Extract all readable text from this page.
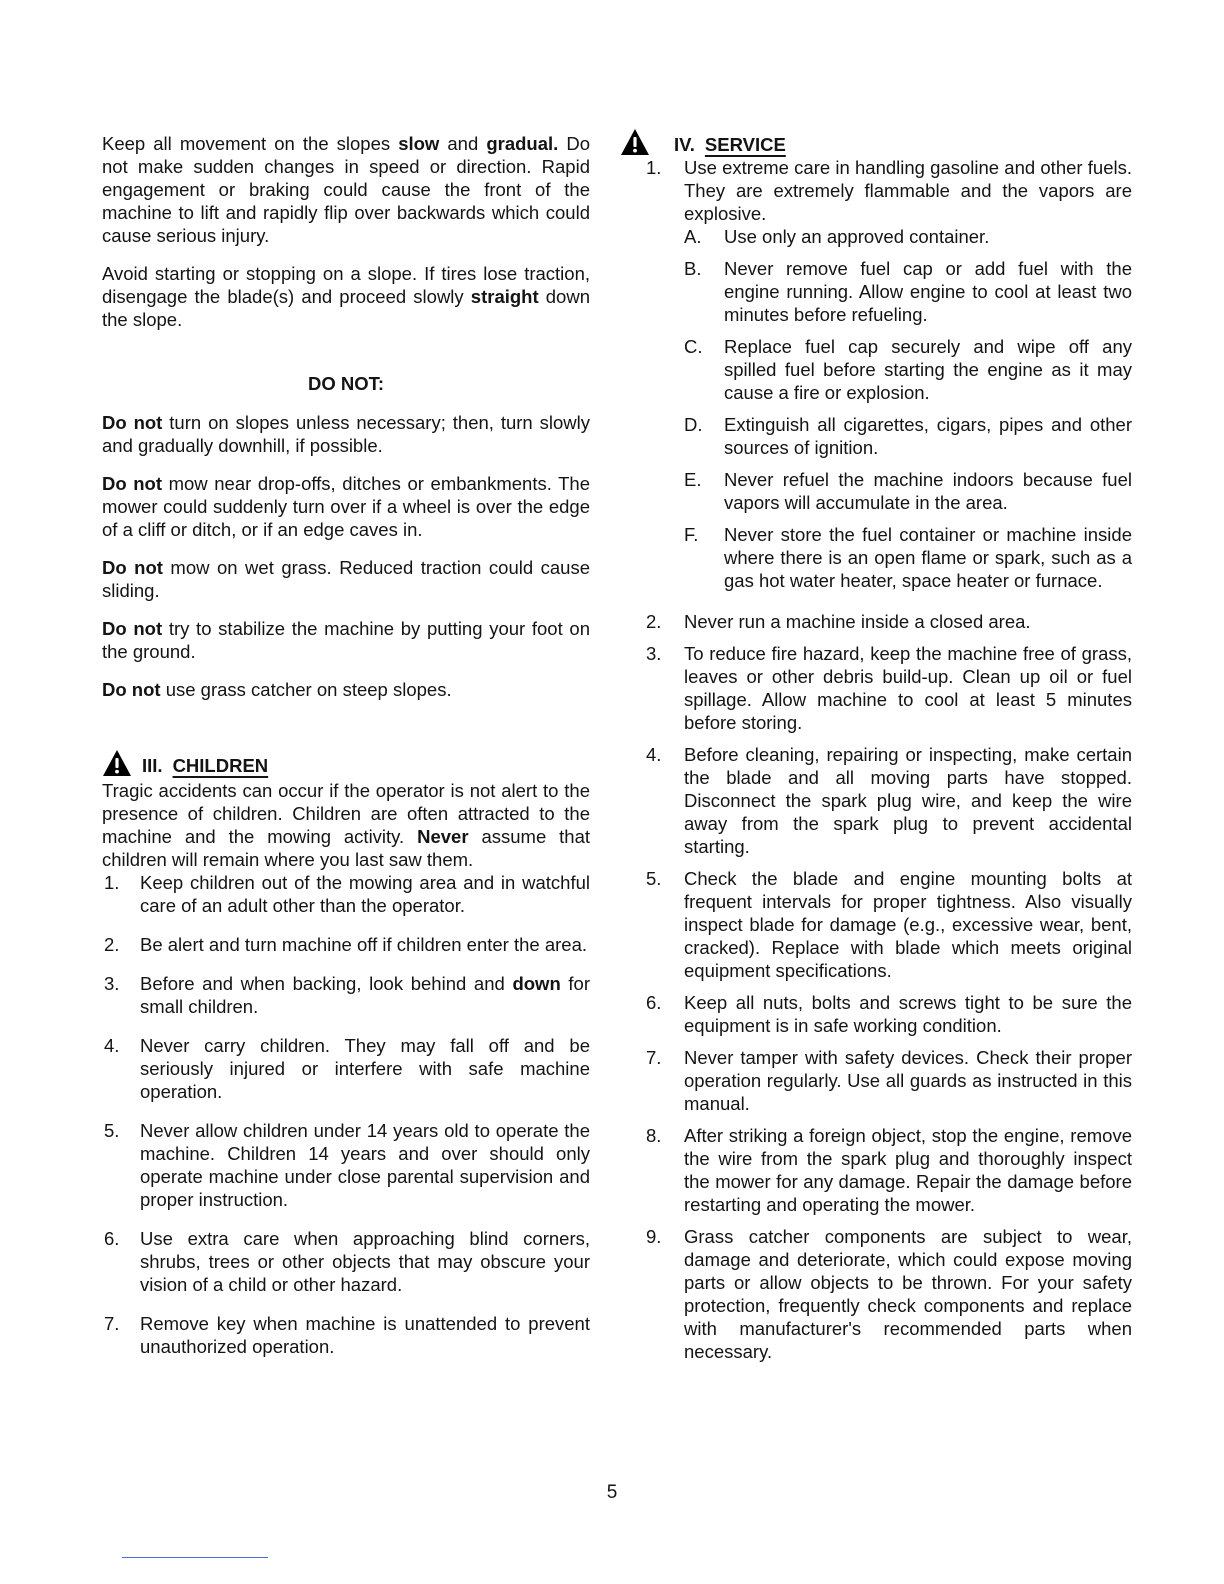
Keep all movement on the slopes slow and gradual. Do not make sudden changes in speed or direction. Rapid engagement or braking could cause the front of the machine to lift and rapidly flip over backwards which could cause serious injury.

Avoid starting or stopping on a slope. If tires lose traction, disengage the blade(s) and proceed slowly straight down the slope.

DO NOT:

Do not turn on slopes unless necessary; then, turn slowly and gradually downhill, if possible.

Do not mow near drop-offs, ditches or embankments. The mower could suddenly turn over if a wheel is over the edge of a cliff or ditch, or if an edge caves in.

Do not mow on wet grass. Reduced traction could cause sliding.

Do not try to stabilize the machine by putting your foot on the ground.

Do not use grass catcher on steep slopes.

III. CHILDREN

Tragic accidents can occur if the operator is not alert to the presence of children. Children are often attracted to the machine and the mowing activity. Never assume that children will remain where you last saw them.

1.	Keep children out of the mowing area and in watchful care of an adult other than the operator.
2.	Be alert and turn machine off if children enter the area.
3.	Before and when backing, look behind and down for small children.
4.	Never carry children. They may fall off and be seriously injured or interfere with safe machine operation.
5.	Never allow children under 14 years old to operate the machine. Children 14 years and over should only operate machine under close parental supervision and proper instruction.
6.	Use extra care when approaching blind corners, shrubs, trees or other objects that may obscure your vision of a child or other hazard.
7.	Remove key when machine is unattended to prevent unauthorized operation.
IV. SERVICE
1.	Use extreme care in handling gasoline and other fuels. They are extremely flammable and the vapors are explosive.
A.	Use only an approved container.
B.	Never remove fuel cap or add fuel with the engine running. Allow engine to cool at least two minutes before refueling.
C.	Replace fuel cap securely and wipe off any spilled fuel before starting the engine as it may cause a fire or explosion.
D.	Extinguish all cigarettes, cigars, pipes and other sources of ignition.
E.	Never refuel the machine indoors because fuel vapors will accumulate in the area.
F.	Never store the fuel container or machine inside where there is an open flame or spark, such as a gas hot water heater, space heater or furnace.
2.	Never run a machine inside a closed area.
3.	To reduce fire hazard, keep the machine free of grass, leaves or other debris build-up. Clean up oil or fuel spillage. Allow machine to cool at least 5 minutes before storing.
4.	Before cleaning, repairing or inspecting, make certain the blade and all moving parts have stopped. Disconnect the spark plug wire, and keep the wire away from the spark plug to prevent accidental starting.
5.	Check the blade and engine mounting bolts at frequent intervals for proper tightness. Also visually inspect blade for damage (e.g., excessive wear, bent, cracked). Replace with blade which meets original equipment specifications.
6.	Keep all nuts, bolts and screws tight to be sure the equipment is in safe working condition.
7.	Never tamper with safety devices. Check their proper operation regularly. Use all guards as instructed in this manual.
8.	After striking a foreign object, stop the engine, remove the wire from the spark plug and thoroughly inspect the mower for any damage. Repair the damage before restarting and operating the mower.
9.	Grass catcher components are subject to wear, damage and deteriorate, which could expose moving parts or allow objects to be thrown. For your safety protection, frequently check components and replace with manufacturer's recommended parts when necessary.
5
